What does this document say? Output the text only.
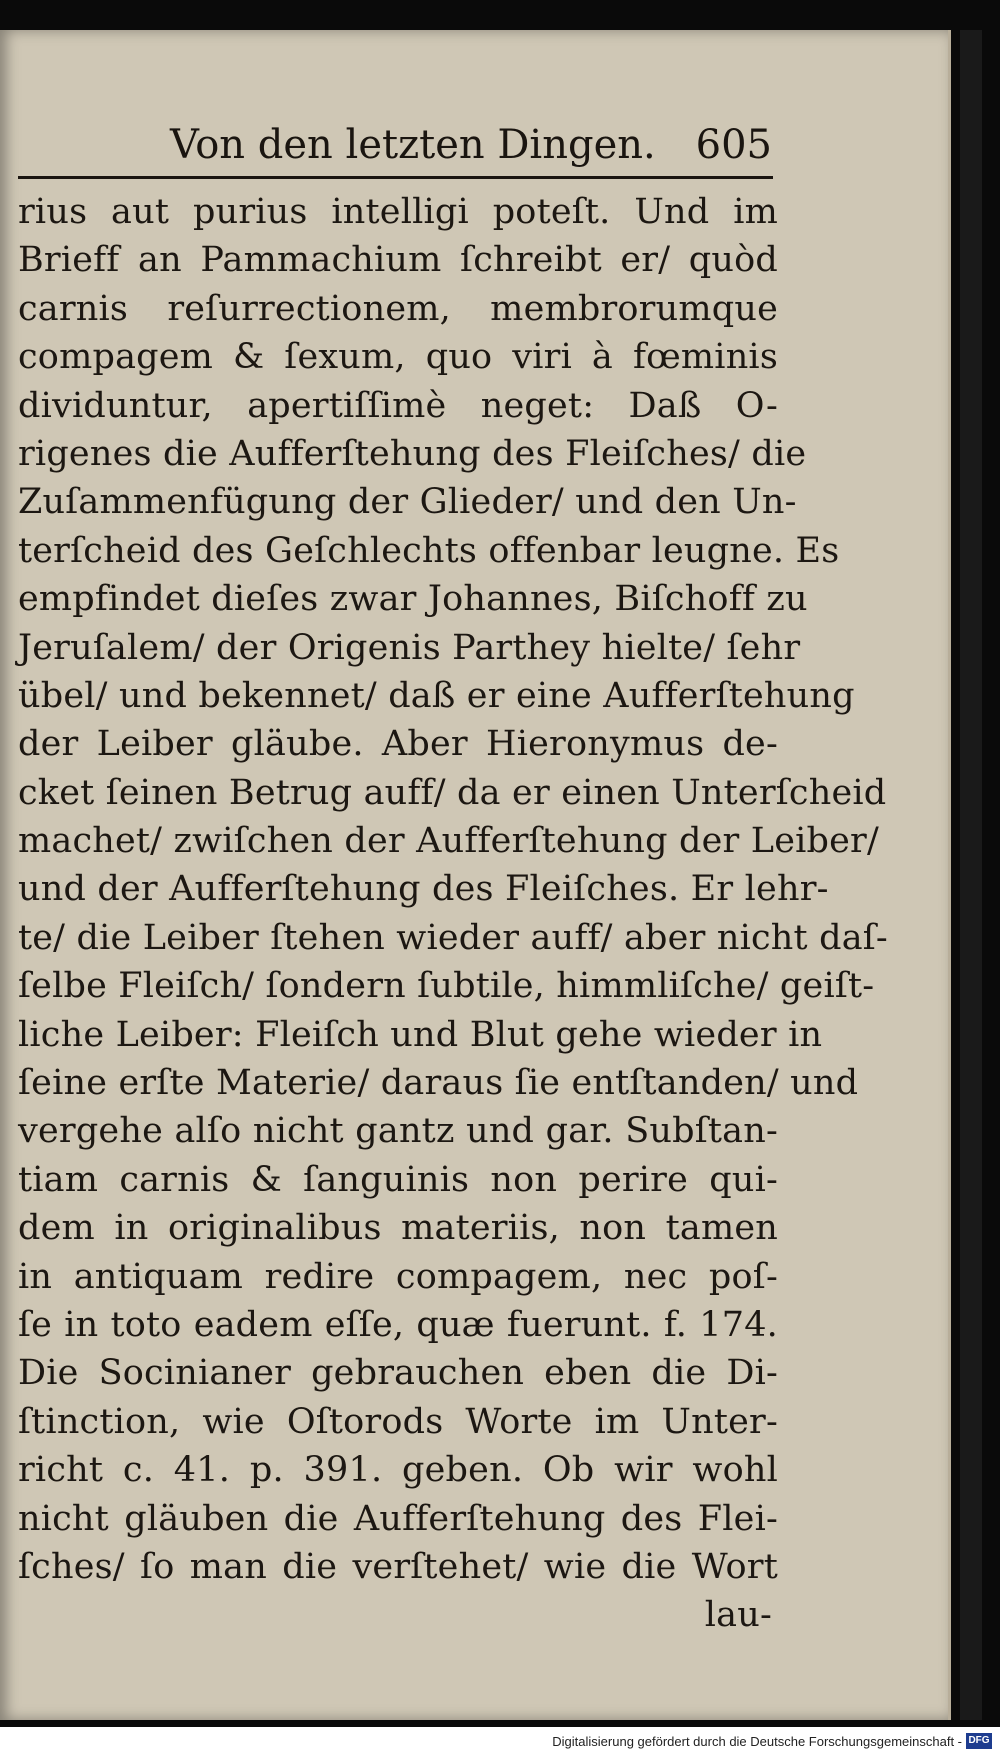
Von den letzten Dingen. 605
rius aut purius intelligi poteſt. Und im
Brieff an Pammachium ſchreibt er/ quòd
carnis reſurrectionem, membrorumque
compagem & ſexum, quo viri à fœminis
dividuntur, apertiſſimè neget: Daß O-
rigenes die Aufferſtehung des Fleiſches/ die
Zuſammenfügung der Glieder/ und den Un-
terſcheid des Geſchlechts offenbar leugne. Es
empfindet dieſes zwar Johannes, Biſchoff zu
Jeruſalem/ der Origenis Parthey hielte/ ſehr
übel/ und bekennet/ daß er eine Aufferſtehung
der Leiber gläube. Aber Hieronymus de-
cket ſeinen Betrug auff/ da er einen Unterſcheid
machet/ zwiſchen der Aufferſtehung der Leiber/
und der Aufferſtehung des Fleiſches. Er lehr-
te/ die Leiber ſtehen wieder auff/ aber nicht daſ-
ſelbe Fleiſch/ ſondern ſubtile, himmliſche/ geiſt-
liche Leiber: Fleiſch und Blut gehe wieder in
ſeine erſte Materie/ daraus ſie entſtanden/ und
vergehe alſo nicht gantz und gar. Subſtan-
tiam carnis & ſanguinis non perire qui-
dem in originalibus materiis, non tamen
in antiquam redire compagem, nec poſ-
ſe in toto eadem eſſe, quæ fuerunt. f. 174.
Die Socinianer gebrauchen eben die Di-
ſtinction, wie Oſtorods Worte im Unter-
richt c. 41. p. 391. geben. Ob wir wohl
nicht gläuben die Aufferſtehung des Flei-
ſches/ ſo man die verſtehet/ wie die Wort
lau-
Digitalisierung gefördert durch die Deutsche Forschungsgemeinschaft - DFG
